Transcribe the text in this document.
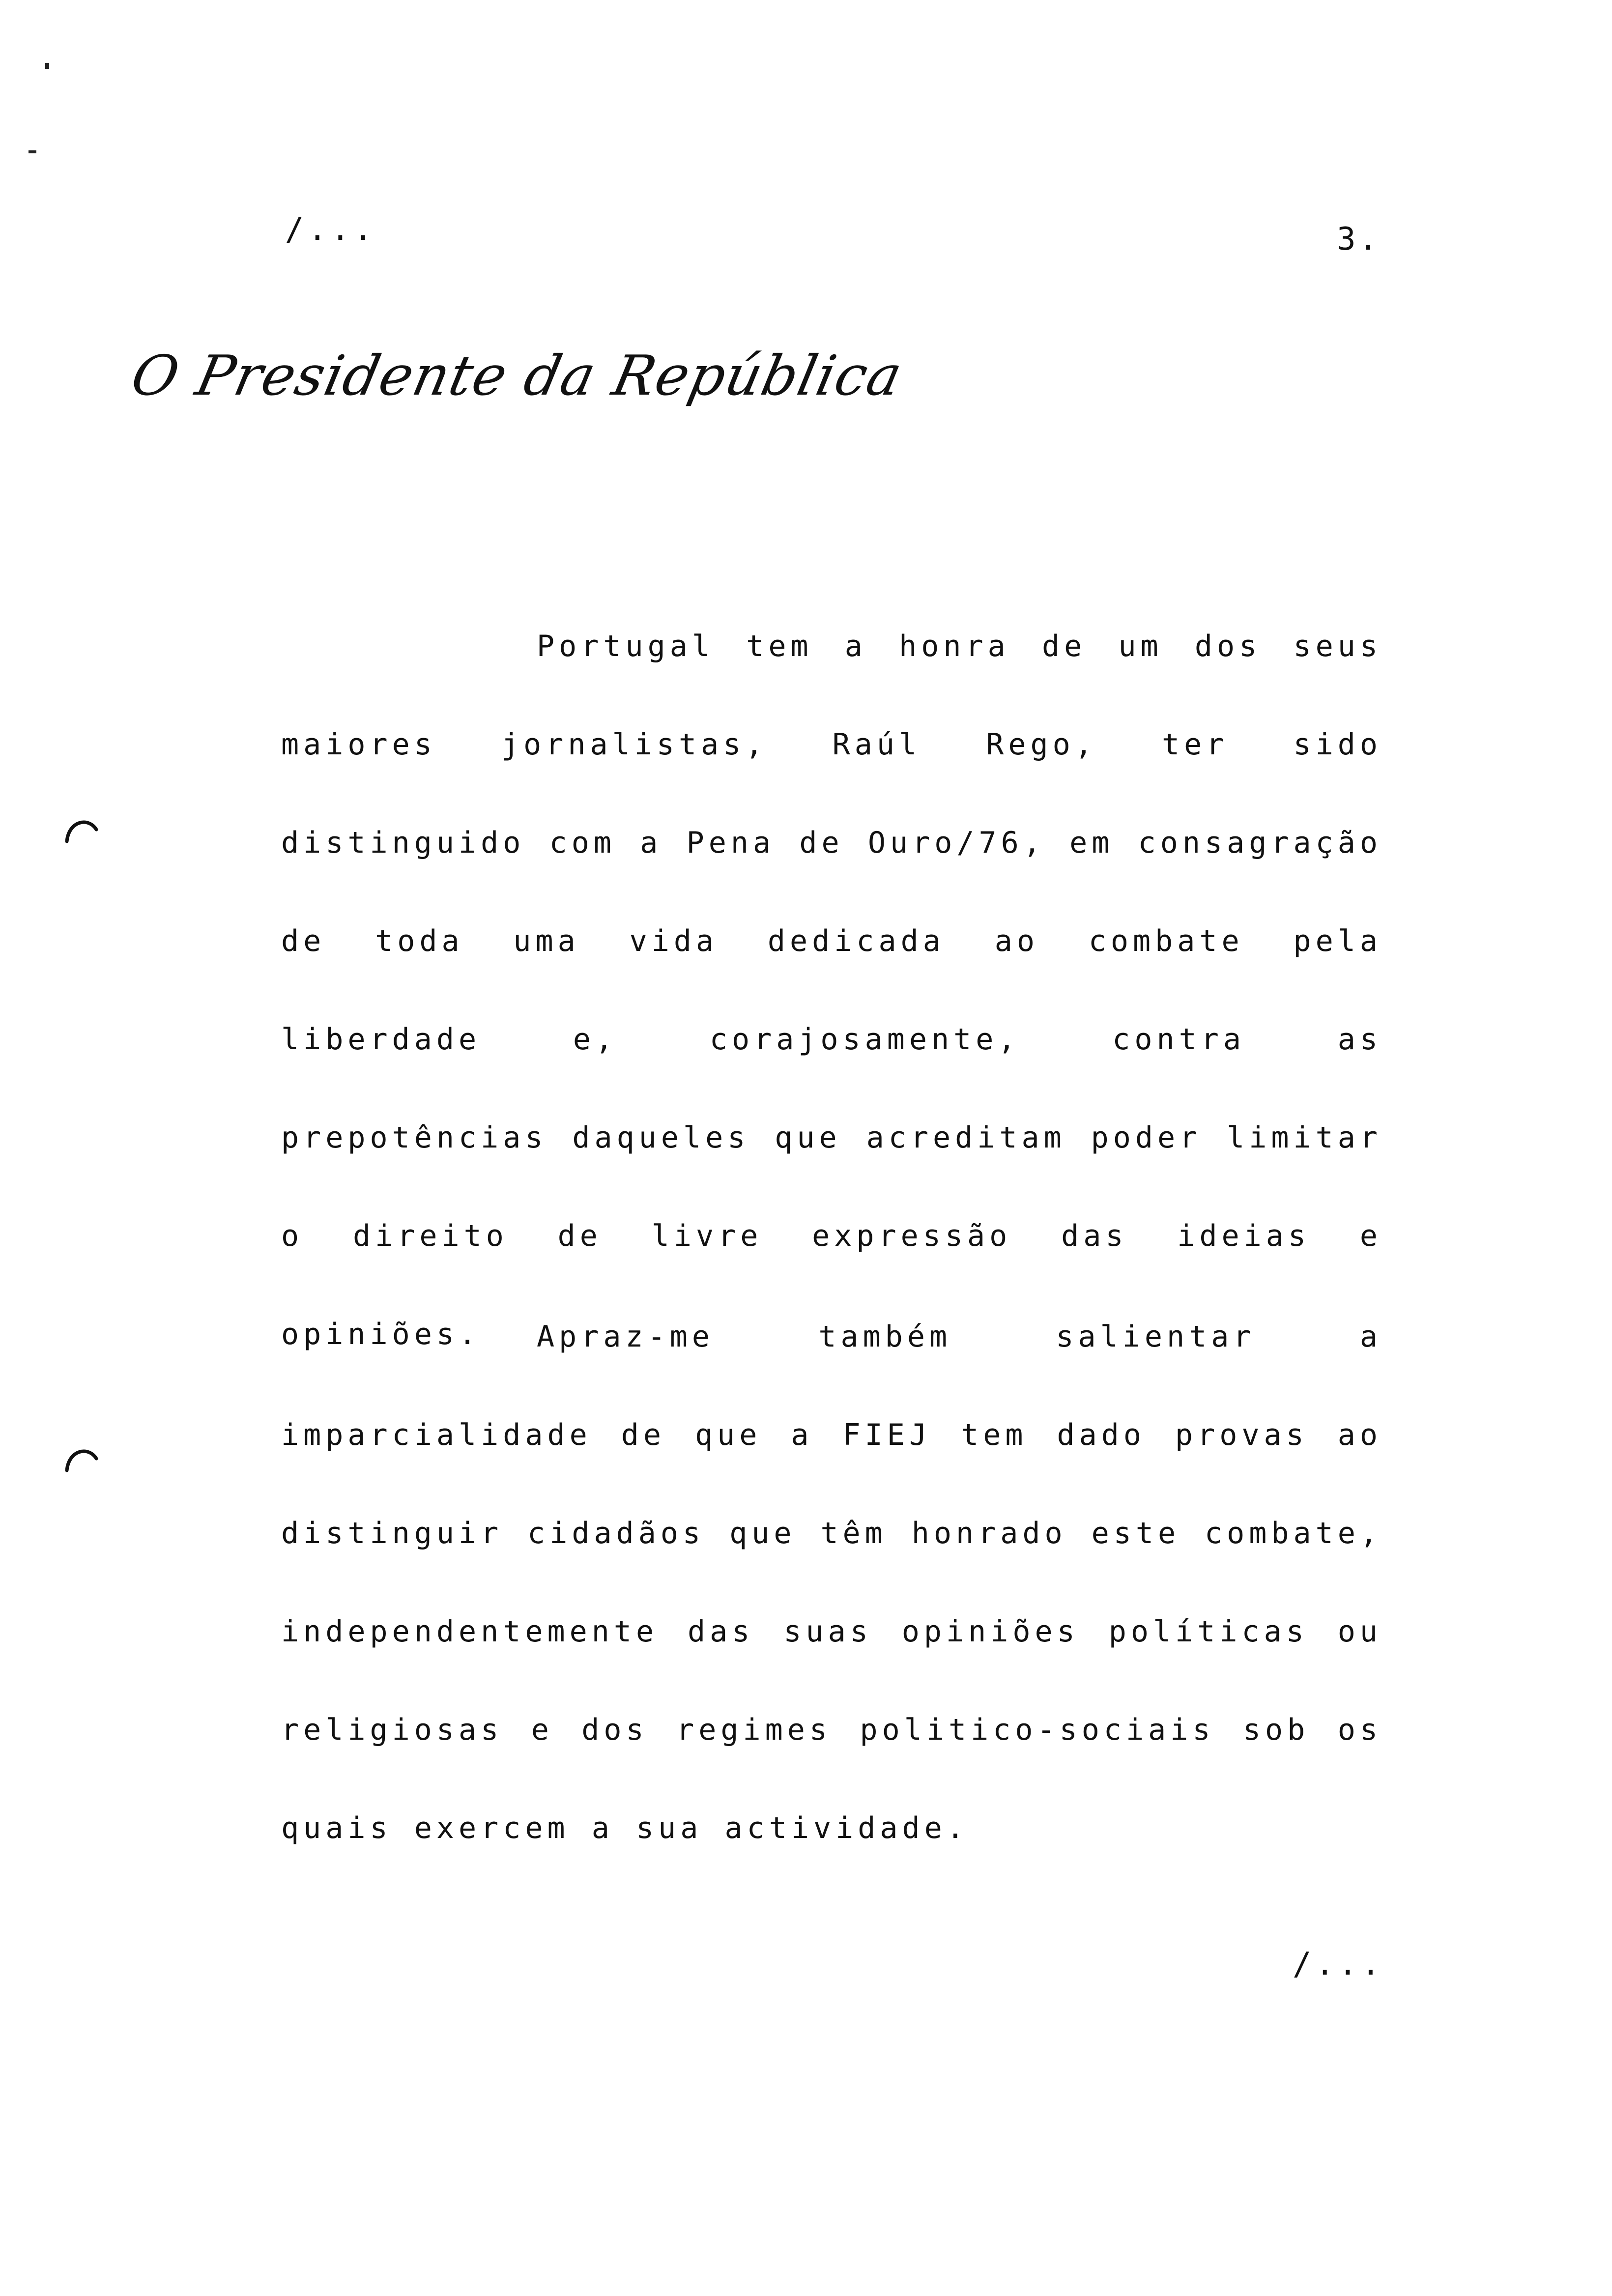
/...	3.
O Presidente da República

Portugal tem a honra de um dos seus maiores jornalistas, Raúl Rego, ter sido distinguido com a Pena de Ouro/76, em consagração de toda uma vida dedicada ao combate pela liberdade e, corajosamente, contra as prepotências daqueles que acreditam poder limitar o direito de livre expressão das ideias e opiniões.	Apraz-me também salientar a imparcialidade de que a FIEJ tem dado provas ao distinguir cidadãos que têm honrado este combate, independentemente das suas opiniões políticas ou religiosas e dos regimes politico-sociais sob os quais exercem a sua actividade.

/...
